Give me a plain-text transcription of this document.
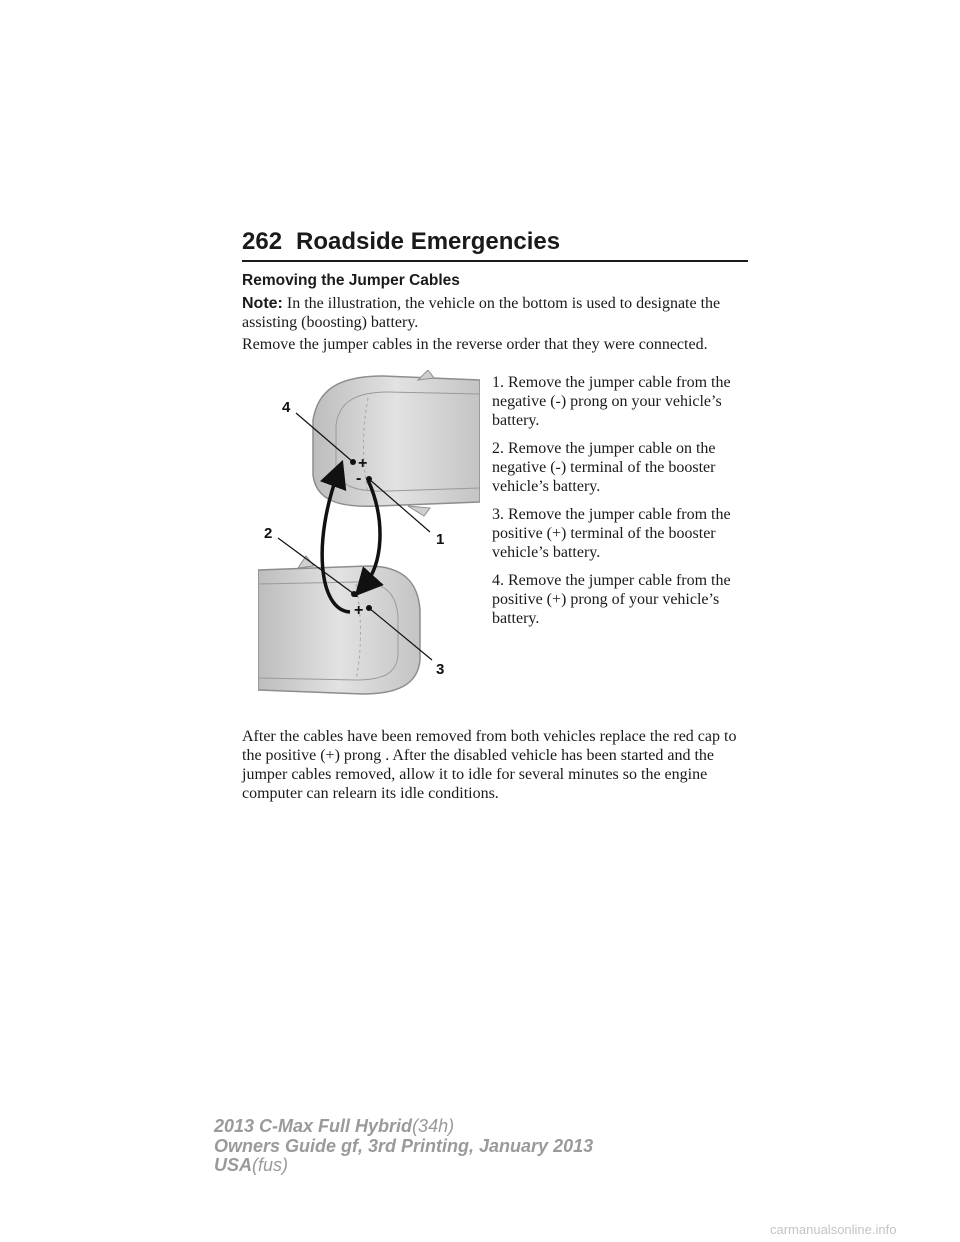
262 Roadside Emergencies
Removing the Jumper Cables

Note: In the illustration, the vehicle on the bottom is used to designate the assisting (boosting) battery.

Remove the jumper cables in the reverse order that they were connected.

+
-
-
+
4
1
2
3
1. Remove the jumper cable from the negative (-) prong on your vehicle’s battery.
2. Remove the jumper cable on the negative (-) terminal of the booster vehicle’s battery.
3. Remove the jumper cable from the positive (+) terminal of the booster vehicle’s battery.
4. Remove the jumper cable from the positive (+) prong of your vehicle’s battery.

After the cables have been removed from both vehicles replace the red cap to the positive (+) prong . After the disabled vehicle has been started and the jumper cables removed, allow it to idle for several minutes so the engine computer can relearn its idle conditions.

2013 C-Max Full Hybrid(34h)
Owners Guide gf, 3rd Printing, January 2013
USA(fus)
carmanualsonline.info
